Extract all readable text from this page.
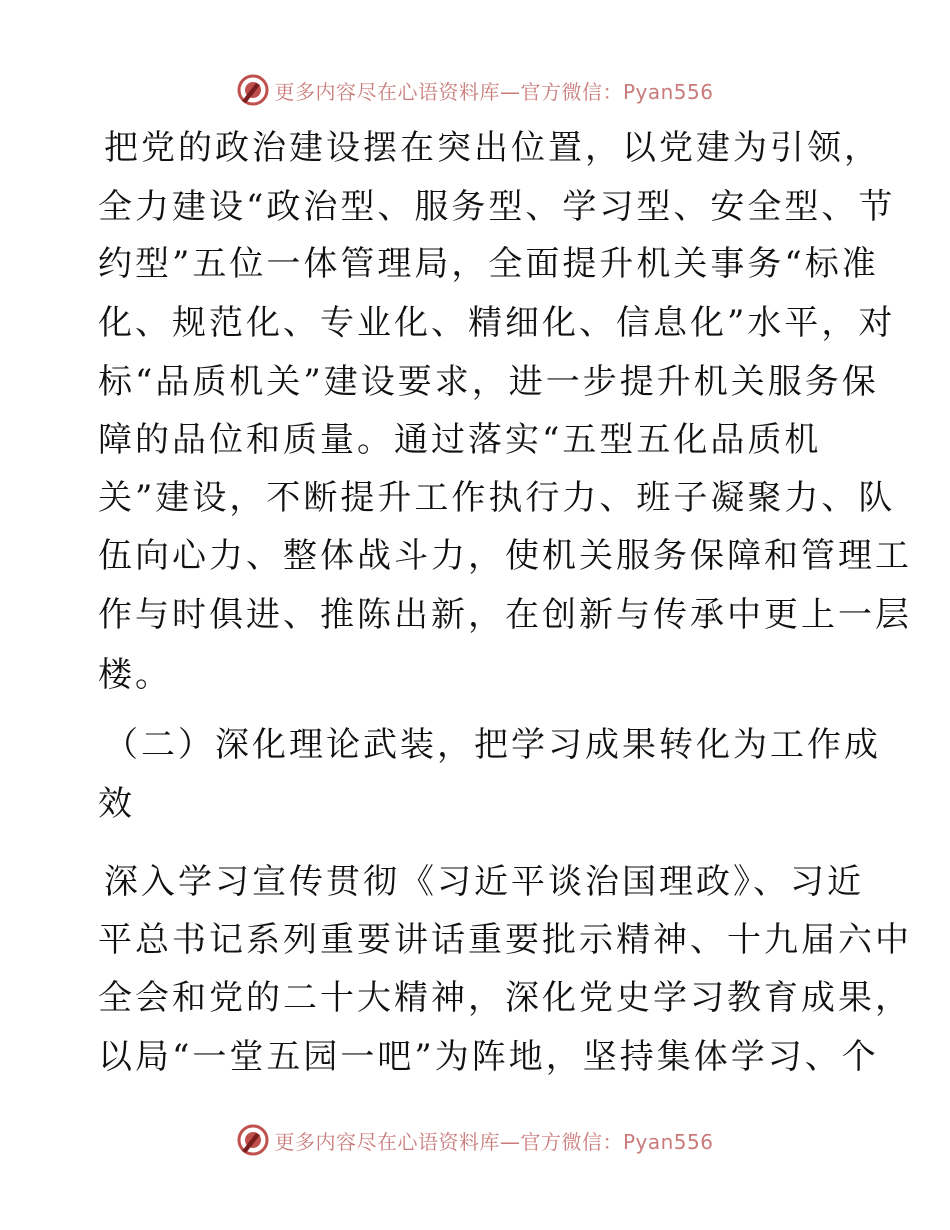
更多内容尽在心语资料库—官方微信：Pyan556
把党的政治建设摆在突出位置，以党建为引领，
全力建设“政治型、服务型、学习型、安全型、节
约型”五位一体管理局，全面提升机关事务“标准
化、规范化、专业化、精细化、信息化”水平，对
标“品质机关”建设要求，进一步提升机关服务保
障的品位和质量。通过落实“五型五化品质机
关”建设，不断提升工作执行力、班子凝聚力、队
伍向心力、整体战斗力，使机关服务保障和管理工
作与时俱进、推陈出新，在创新与传承中更上一层
楼。
（二）深化理论武装，把学习成果转化为工作成
效
深入学习宣传贯彻《习近平谈治国理政》、习近
平总书记系列重要讲话重要批示精神、十九届六中
全会和党的二十大精神，深化党史学习教育成果，
以局“一堂五园一吧”为阵地，坚持集体学习、个
更多内容尽在心语资料库—官方微信：Pyan556
